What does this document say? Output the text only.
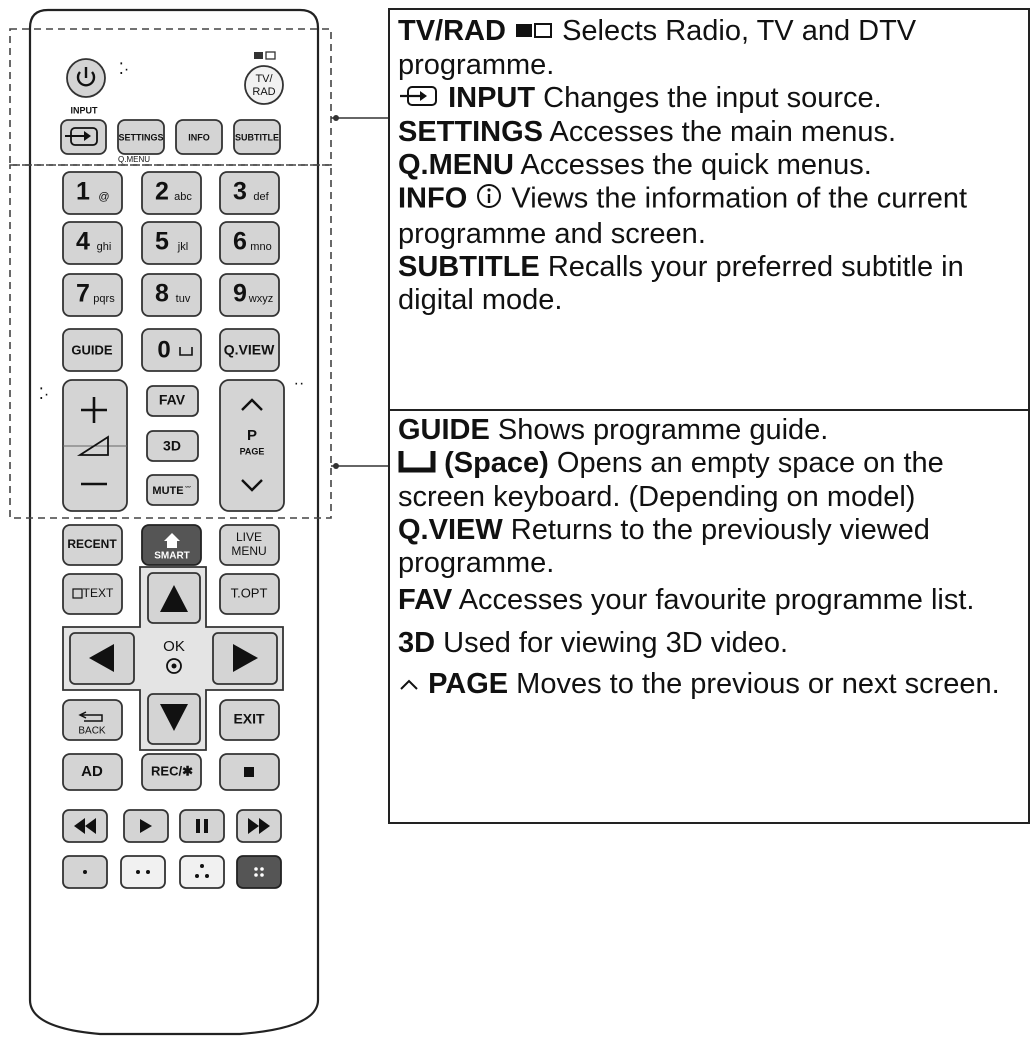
⁚·
TV/
RAD
INPUT
Q.MENU
SETTINGS	INFO	SUBTITLE
1 @ 2 abc 3 def
4 ghi 5 jkl 6 mno
7 pqrs 8 tuv 9 wxyz
GUIDE 0	Q.VIEW
⁚·	FAV
3D
MUTE
··
P
PAGE
RECENT
SMART
LIVE
MENU
TEXT	T.OPT
OK
BACK
EXIT
AD	REC/✱

TV/RAD Selects Radio, TV and DTV programme.

INPUT Changes the input source.

SETTINGS Accesses the main menus.

Q.MENU Accesses the quick menus.

INFO Views the information of the current programme and screen.

SUBTITLE Recalls your preferred subtitle in digital mode.

GUIDE Shows programme guide.

(Space) Opens an empty space on the screen keyboard. (Depending on model)

Q.VIEW Returns to the previously viewed programme.

FAV Accesses your favourite programme list.

3D Used for viewing 3D video.

PAGE Moves to the previous or next screen.
